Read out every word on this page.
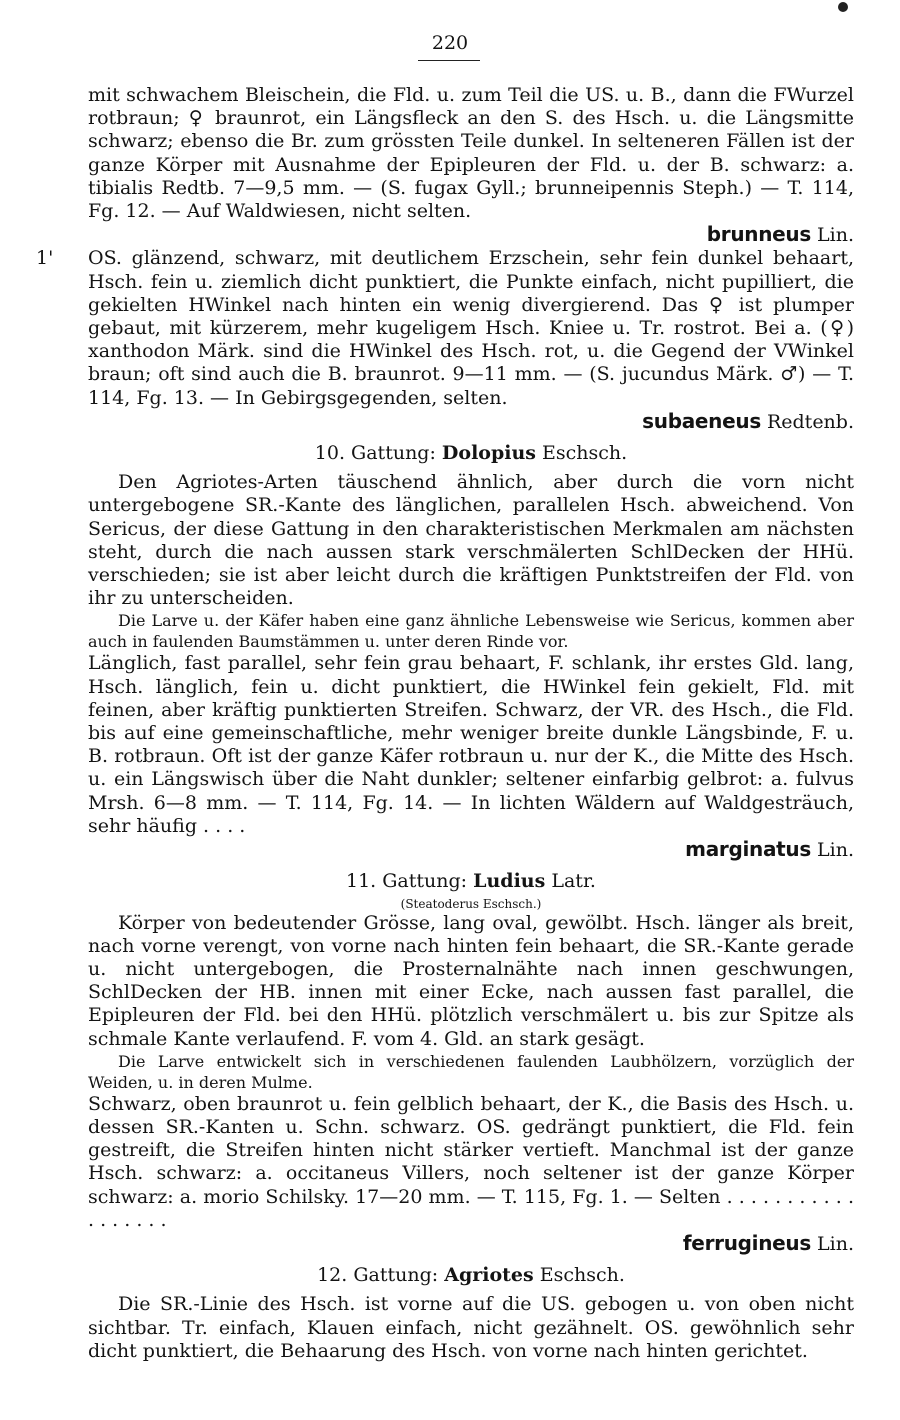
220

mit schwachem Bleischein, die Fld. u. zum Teil die US. u. B., dann die FWurzel rotbraun; ♀ braunrot, ein Längsfleck an den S. des Hsch. u. die Längsmitte schwarz; ebenso die Br. zum grössten Teile dunkel. In selteneren Fällen ist der ganze Körper mit Ausnahme der Epipleuren der Fld. u. der B. schwarz: a. tibialis Redtb. 7—9,5 mm. — (S. fugax Gyll.; brunneipennis Steph.) — T. 114, Fg. 12. — Auf Waldwiesen, nicht selten.

brunneus Lin.

1' OS. glänzend, schwarz, mit deutlichem Erzschein, sehr fein dunkel behaart, Hsch. fein u. ziemlich dicht punktiert, die Punkte einfach, nicht pupilliert, die gekielten HWinkel nach hinten ein wenig divergierend. Das ♀ ist plumper gebaut, mit kürzerem, mehr kugeligem Hsch. Kniee u. Tr. rostrot. Bei a. (♀) xanthodon Märk. sind die HWinkel des Hsch. rot, u. die Gegend der VWinkel braun; oft sind auch die B. braunrot. 9—11 mm. — (S. jucundus Märk. ♂) — T. 114, Fg. 13. — In Gebirgsgegenden, selten.

subaeneus Redtenb.

10. Gattung: Dolopius Eschsch.

Den Agriotes-Arten täuschend ähnlich, aber durch die vorn nicht untergebogene SR.-Kante des länglichen, parallelen Hsch. abweichend. Von Sericus, der diese Gattung in den charakteristischen Merkmalen am nächsten steht, durch die nach aussen stark verschmälerten SchlDecken der HHü. verschieden; sie ist aber leicht durch die kräftigen Punktstreifen der Fld. von ihr zu unterscheiden.

Die Larve u. der Käfer haben eine ganz ähnliche Lebensweise wie Sericus, kommen aber auch in faulenden Baumstämmen u. unter deren Rinde vor.

Länglich, fast parallel, sehr fein grau behaart, F. schlank, ihr erstes Gld. lang, Hsch. länglich, fein u. dicht punktiert, die HWinkel fein gekielt, Fld. mit feinen, aber kräftig punktierten Streifen. Schwarz, der VR. des Hsch., die Fld. bis auf eine gemeinschaftliche, mehr weniger breite dunkle Längsbinde, F. u. B. rotbraun. Oft ist der ganze Käfer rotbraun u. nur der K., die Mitte des Hsch. u. ein Längswisch über die Naht dunkler; seltener einfarbig gelbrot: a. fulvus Mrsh. 6—8 mm. — T. 114, Fg. 14. — In lichten Wäldern auf Waldgesträuch, sehr häufig . . . .

marginatus Lin.

11. Gattung: Ludius Latr.

(Steatoderus Eschsch.)

Körper von bedeutender Grösse, lang oval, gewölbt. Hsch. länger als breit, nach vorne verengt, von vorne nach hinten fein behaart, die SR.-Kante gerade u. nicht untergebogen, die Prosternalnähte nach innen geschwungen, SchlDecken der HB. innen mit einer Ecke, nach aussen fast parallel, die Epipleuren der Fld. bei den HHü. plötzlich verschmälert u. bis zur Spitze als schmale Kante verlaufend. F. vom 4. Gld. an stark gesägt.

Die Larve entwickelt sich in verschiedenen faulenden Laubhölzern, vorzüglich der Weiden, u. in deren Mulme.

Schwarz, oben braunrot u. fein gelblich behaart, der K., die Basis des Hsch. u. dessen SR.-Kanten u. Schn. schwarz. OS. gedrängt punktiert, die Fld. fein gestreift, die Streifen hinten nicht stärker vertieft. Manchmal ist der ganze Hsch. schwarz: a. occitaneus Villers, noch seltener ist der ganze Körper schwarz: a. morio Schilsky. 17—20 mm. — T. 115, Fg. 1. — Selten . . . . . . . . . . . . . . . . . .

ferrugineus Lin.

12. Gattung: Agriotes Eschsch.

Die SR.-Linie des Hsch. ist vorne auf die US. gebogen u. von oben nicht sichtbar. Tr. einfach, Klauen einfach, nicht gezähnelt. OS. gewöhnlich sehr dicht punktiert, die Behaarung des Hsch. von vorne nach hinten gerichtet.
